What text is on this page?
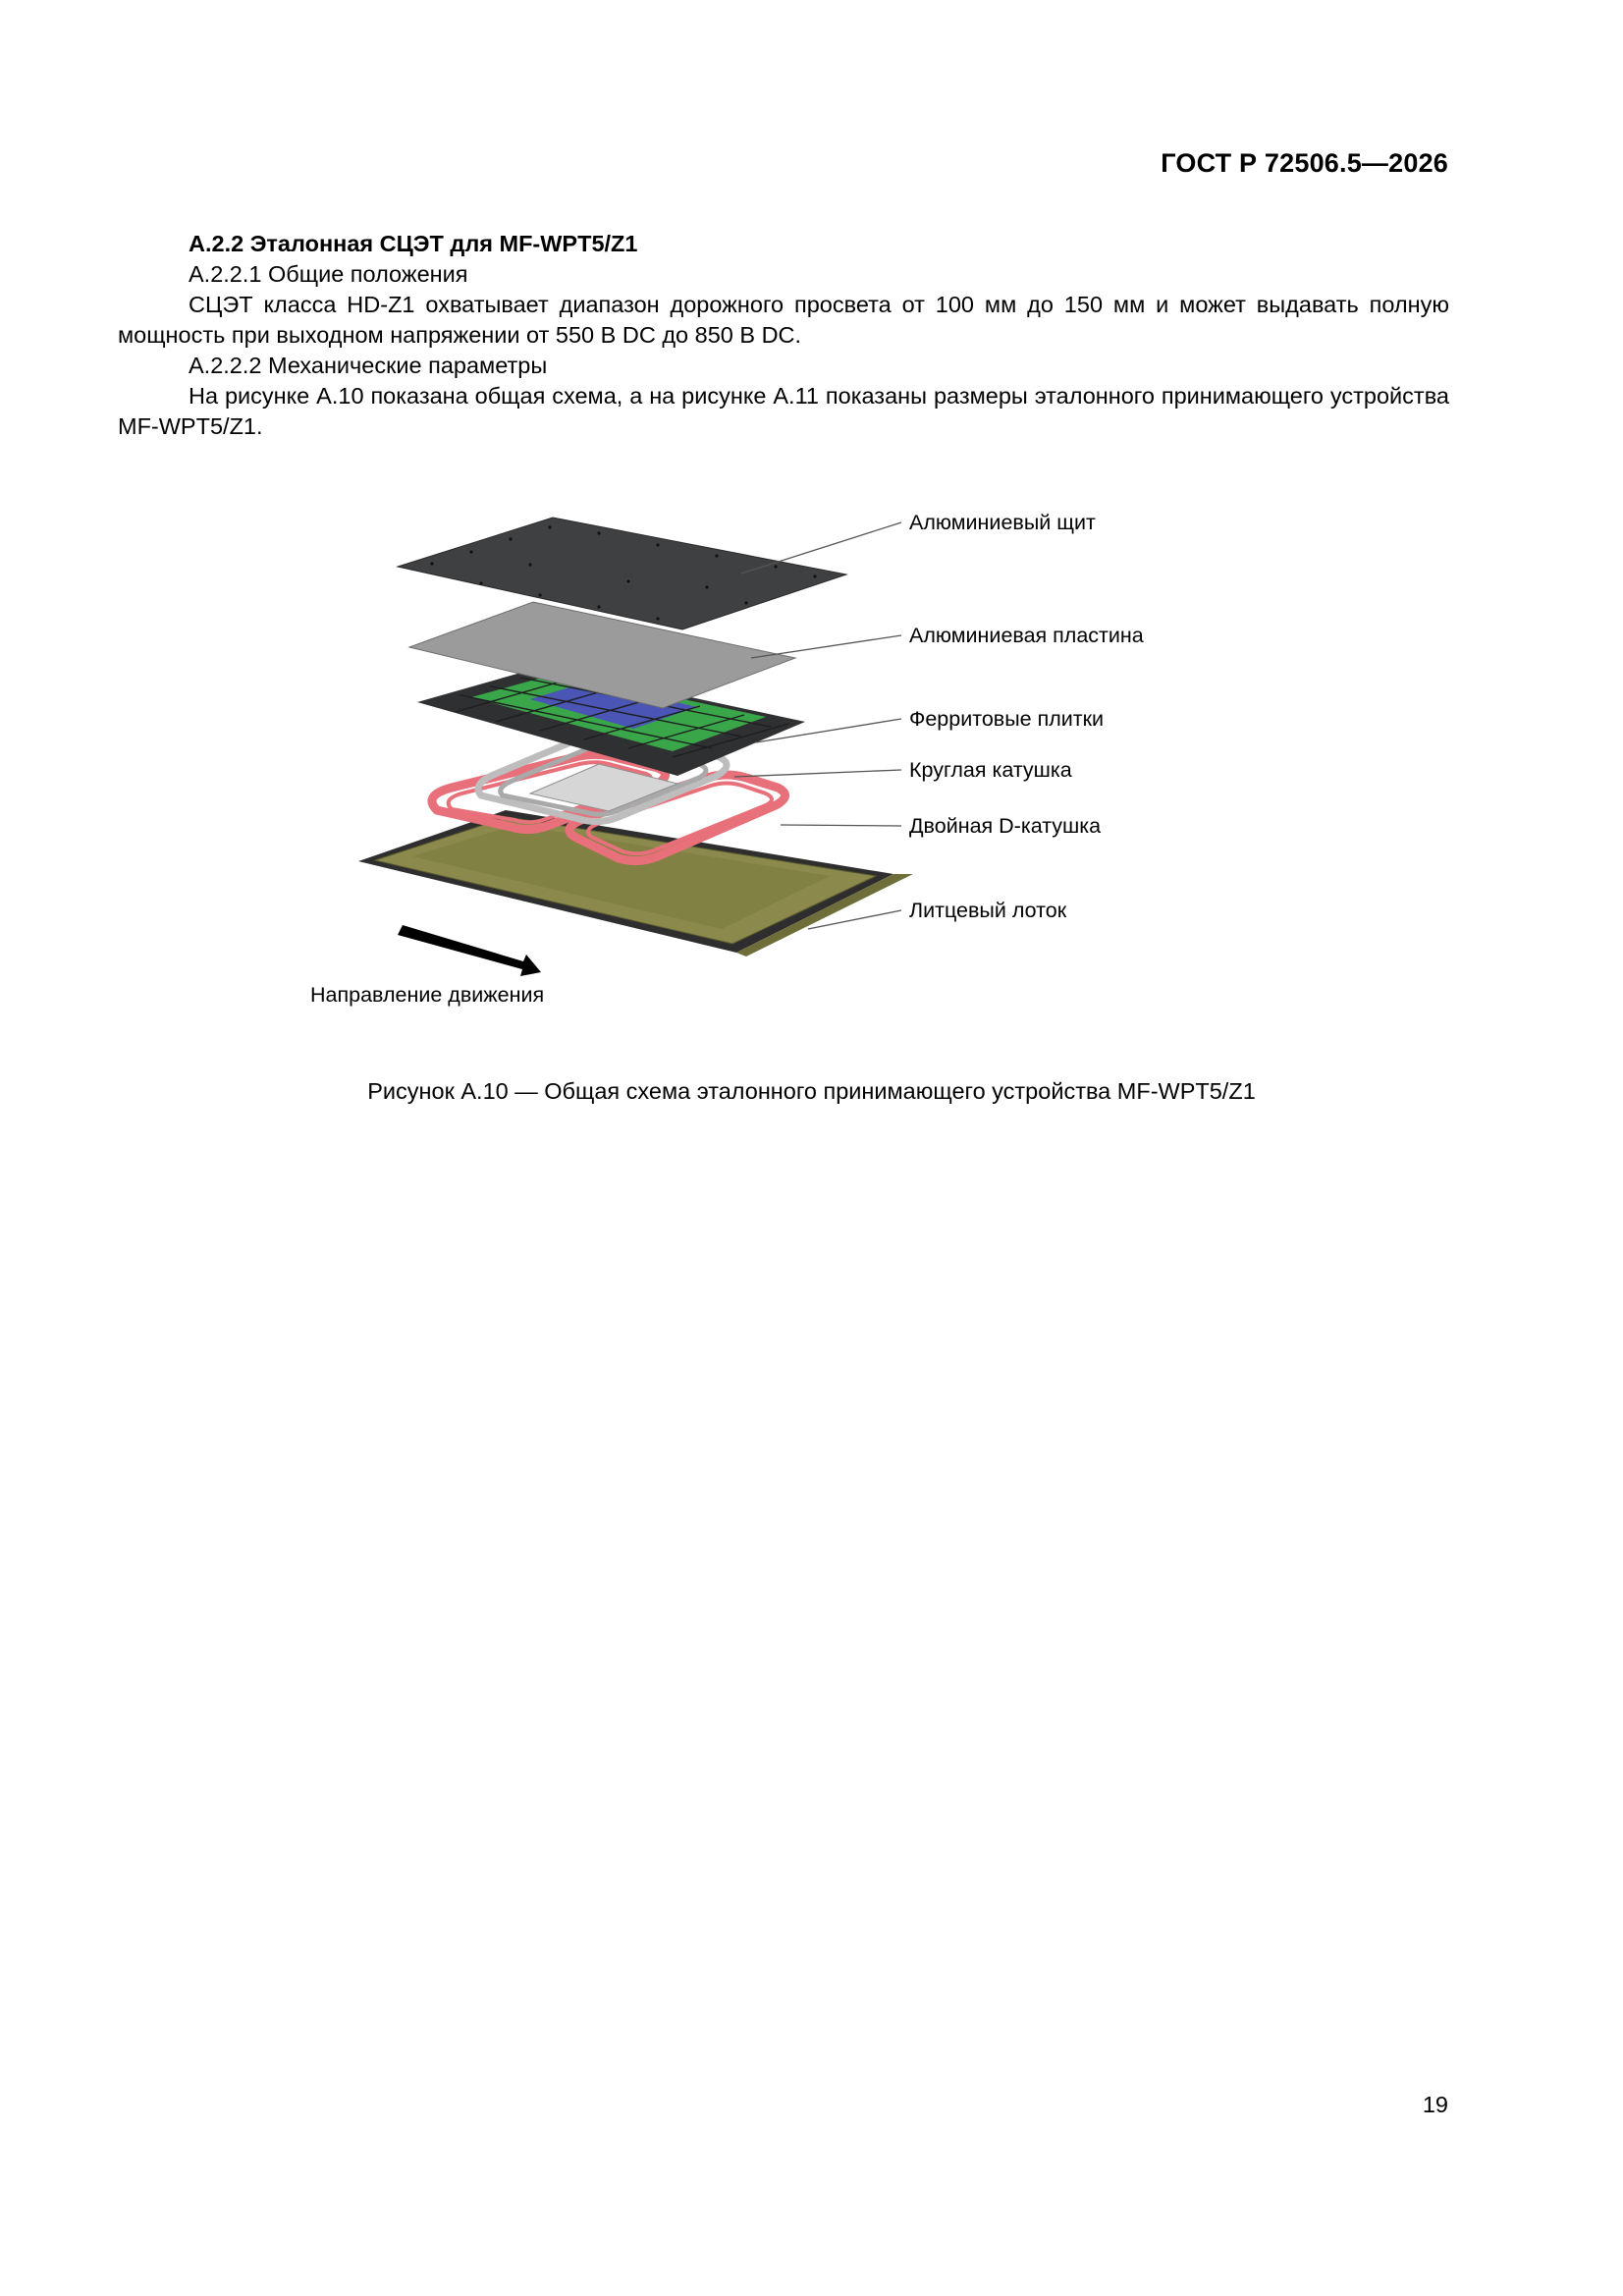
ГОСТ Р 72506.5—2026

А.2.2 Эталонная СЦЭТ для MF-WPT5/Z1

А.2.2.1 Общие положения

СЦЭТ класса HD-Z1 охватывает диапазон дорожного просвета от 100 мм до 150 мм и может выдавать полную мощность при выходном напряжении от 550 В DC до 850 В DC.

А.2.2.2 Механические параметры

На рисунке А.10 показана общая схема, а на рисунке А.11 показаны размеры эталонного принимающего устройства MF-WPT5/Z1.

Алюминиевый щит
Алюминиевая пластина
Ферритовые плитки
Круглая катушка
Двойная D-катушка
Литцевый лоток
Направление движения
Рисунок А.10 — Общая схема эталонного принимающего устройства MF-WPT5/Z1
19
